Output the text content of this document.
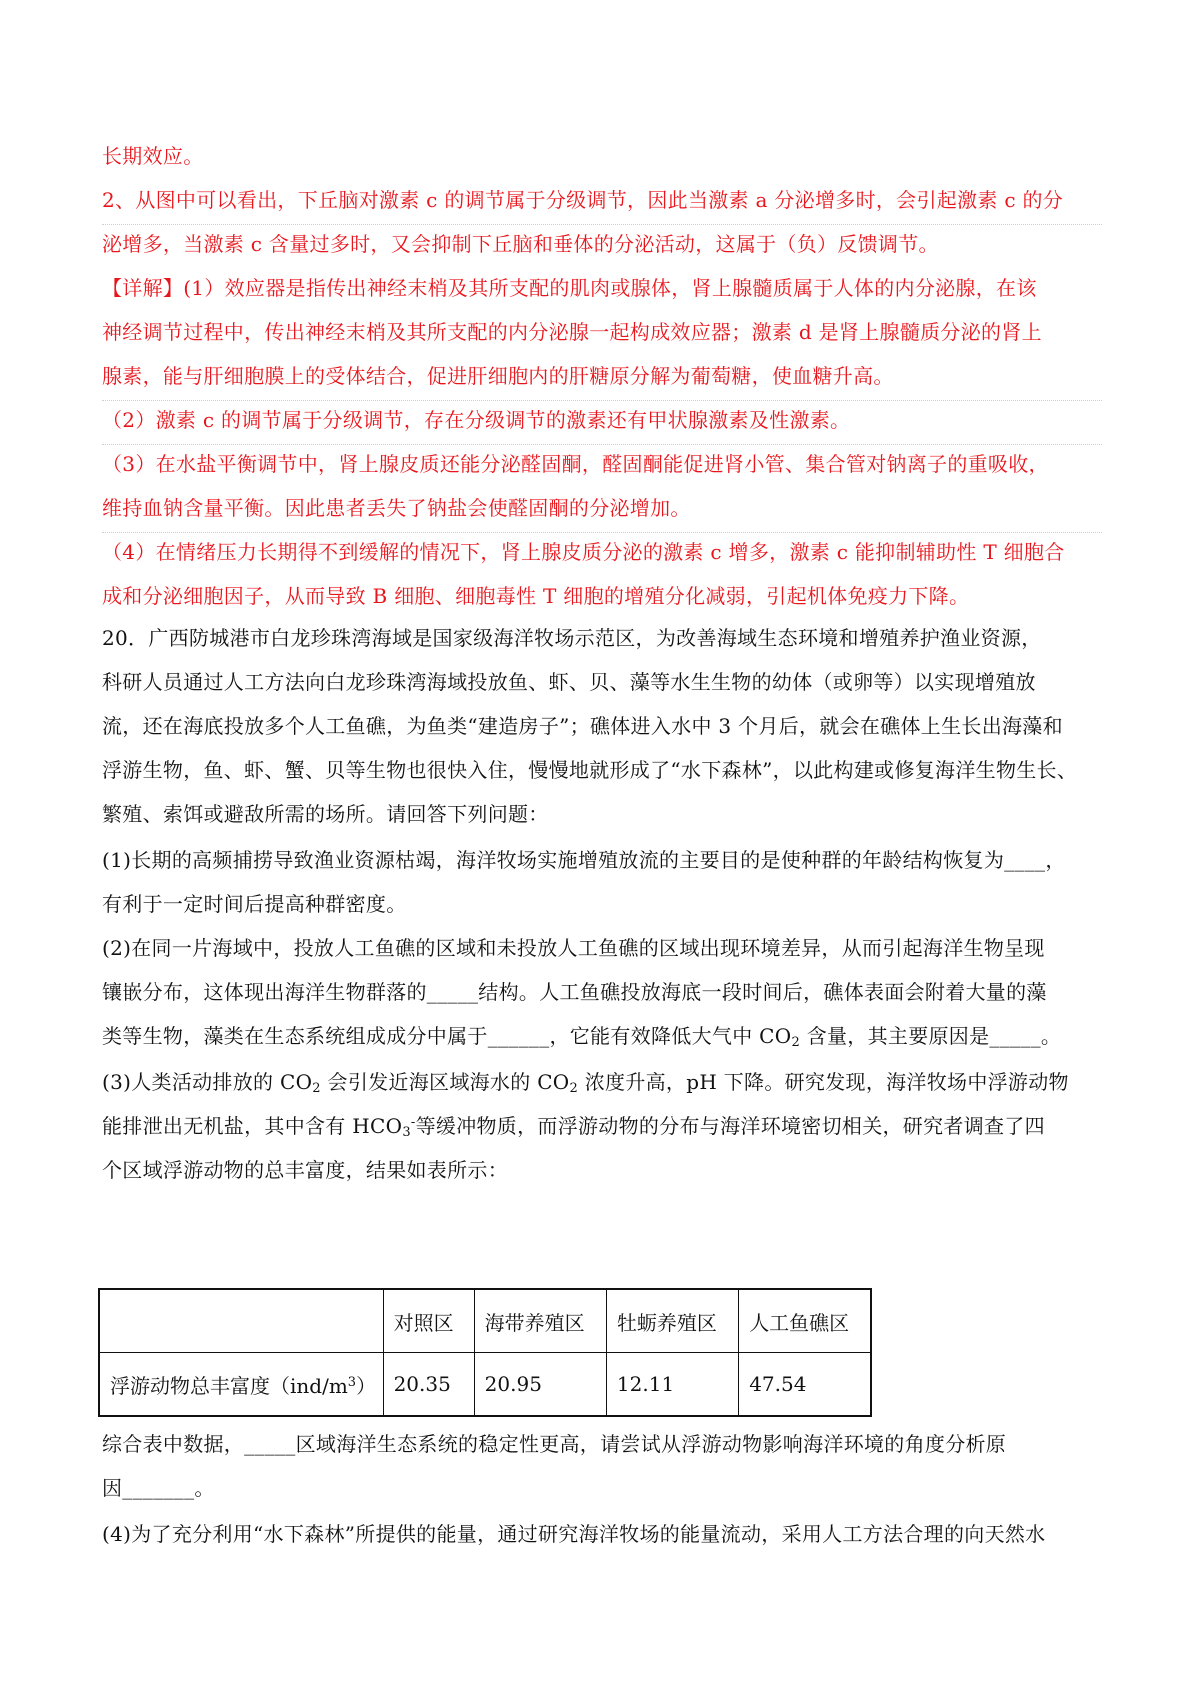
长期效应。
2、从图中可以看出，下丘脑对激素 c 的调节属于分级调节，因此当激素 a 分泌增多时，会引起激素 c 的分
泌增多，当激素 c 含量过多时，又会抑制下丘脑和垂体的分泌活动，这属于（负）反馈调节。
【详解】(1）效应器是指传出神经末梢及其所支配的肌肉或腺体，肾上腺髓质属于人体的内分泌腺，在该
神经调节过程中，传出神经末梢及其所支配的内分泌腺一起构成效应器；激素 d 是肾上腺髓质分泌的肾上
腺素，能与肝细胞膜上的受体结合，促进肝细胞内的肝糖原分解为葡萄糖，使血糖升高。
（2）激素 c 的调节属于分级调节，存在分级调节的激素还有甲状腺激素及性激素。
（3）在水盐平衡调节中，肾上腺皮质还能分泌醛固酮，醛固酮能促进肾小管、集合管对钠离子的重吸收，
维持血钠含量平衡。因此患者丢失了钠盐会使醛固酮的分泌增加。
（4）在情绪压力长期得不到缓解的情况下，肾上腺皮质分泌的激素 c 增多，激素 c 能抑制辅助性 T 细胞合
成和分泌细胞因子，从而导致 B 细胞、细胞毒性 T 细胞的增殖分化减弱，引起机体免疫力下降。
20．广西防城港市白龙珍珠湾海域是国家级海洋牧场示范区，为改善海域生态环境和增殖养护渔业资源，
科研人员通过人工方法向白龙珍珠湾海域投放鱼、虾、贝、藻等水生生物的幼体（或卵等）以实现增殖放
流，还在海底投放多个人工鱼礁，为鱼类“建造房子”；礁体进入水中 3 个月后，就会在礁体上生长出海藻和
浮游生物，鱼、虾、蟹、贝等生物也很快入住，慢慢地就形成了“水下森林”，以此构建或修复海洋生物生长、
繁殖、索饵或避敌所需的场所。请回答下列问题：
(1)长期的高频捕捞导致渔业资源枯竭，海洋牧场实施增殖放流的主要目的是使种群的年龄结构恢复为____，
有利于一定时间后提高种群密度。
(2)在同一片海域中，投放人工鱼礁的区域和未投放人工鱼礁的区域出现环境差异，从而引起海洋生物呈现
镶嵌分布，这体现出海洋生物群落的_____结构。人工鱼礁投放海底一段时间后，礁体表面会附着大量的藻
类等生物，藻类在生态系统组成成分中属于______，它能有效降低大气中 $CO_2$ 含量，其主要原因是_____。
(3)人类活动排放的 $CO_2$ 会引发近海区域海水的 $CO_2$ 浓度升高，pH 下降。研究发现，海洋牧场中浮游动物
能排泄出无机盐，其中含有 $HCO_3^-$等缓冲物质，而浮游动物的分布与海洋环境密切相关，研究者调查了四
个区域浮游动物的总丰富度，结果如表所示：
	对照区	海带养殖区	牡蛎养殖区	人工鱼礁区
浮游动物总丰富度$(ind/m^3)$	20.35	20.95	12.11	47.54
综合表中数据，_____区域海洋生态系统的稳定性更高，请尝试从浮游动物影响海洋环境的角度分析原
因_______。
(4)为了充分利用“水下森林”所提供的能量，通过研究海洋牧场的能量流动，采用人工方法合理的向天然水
